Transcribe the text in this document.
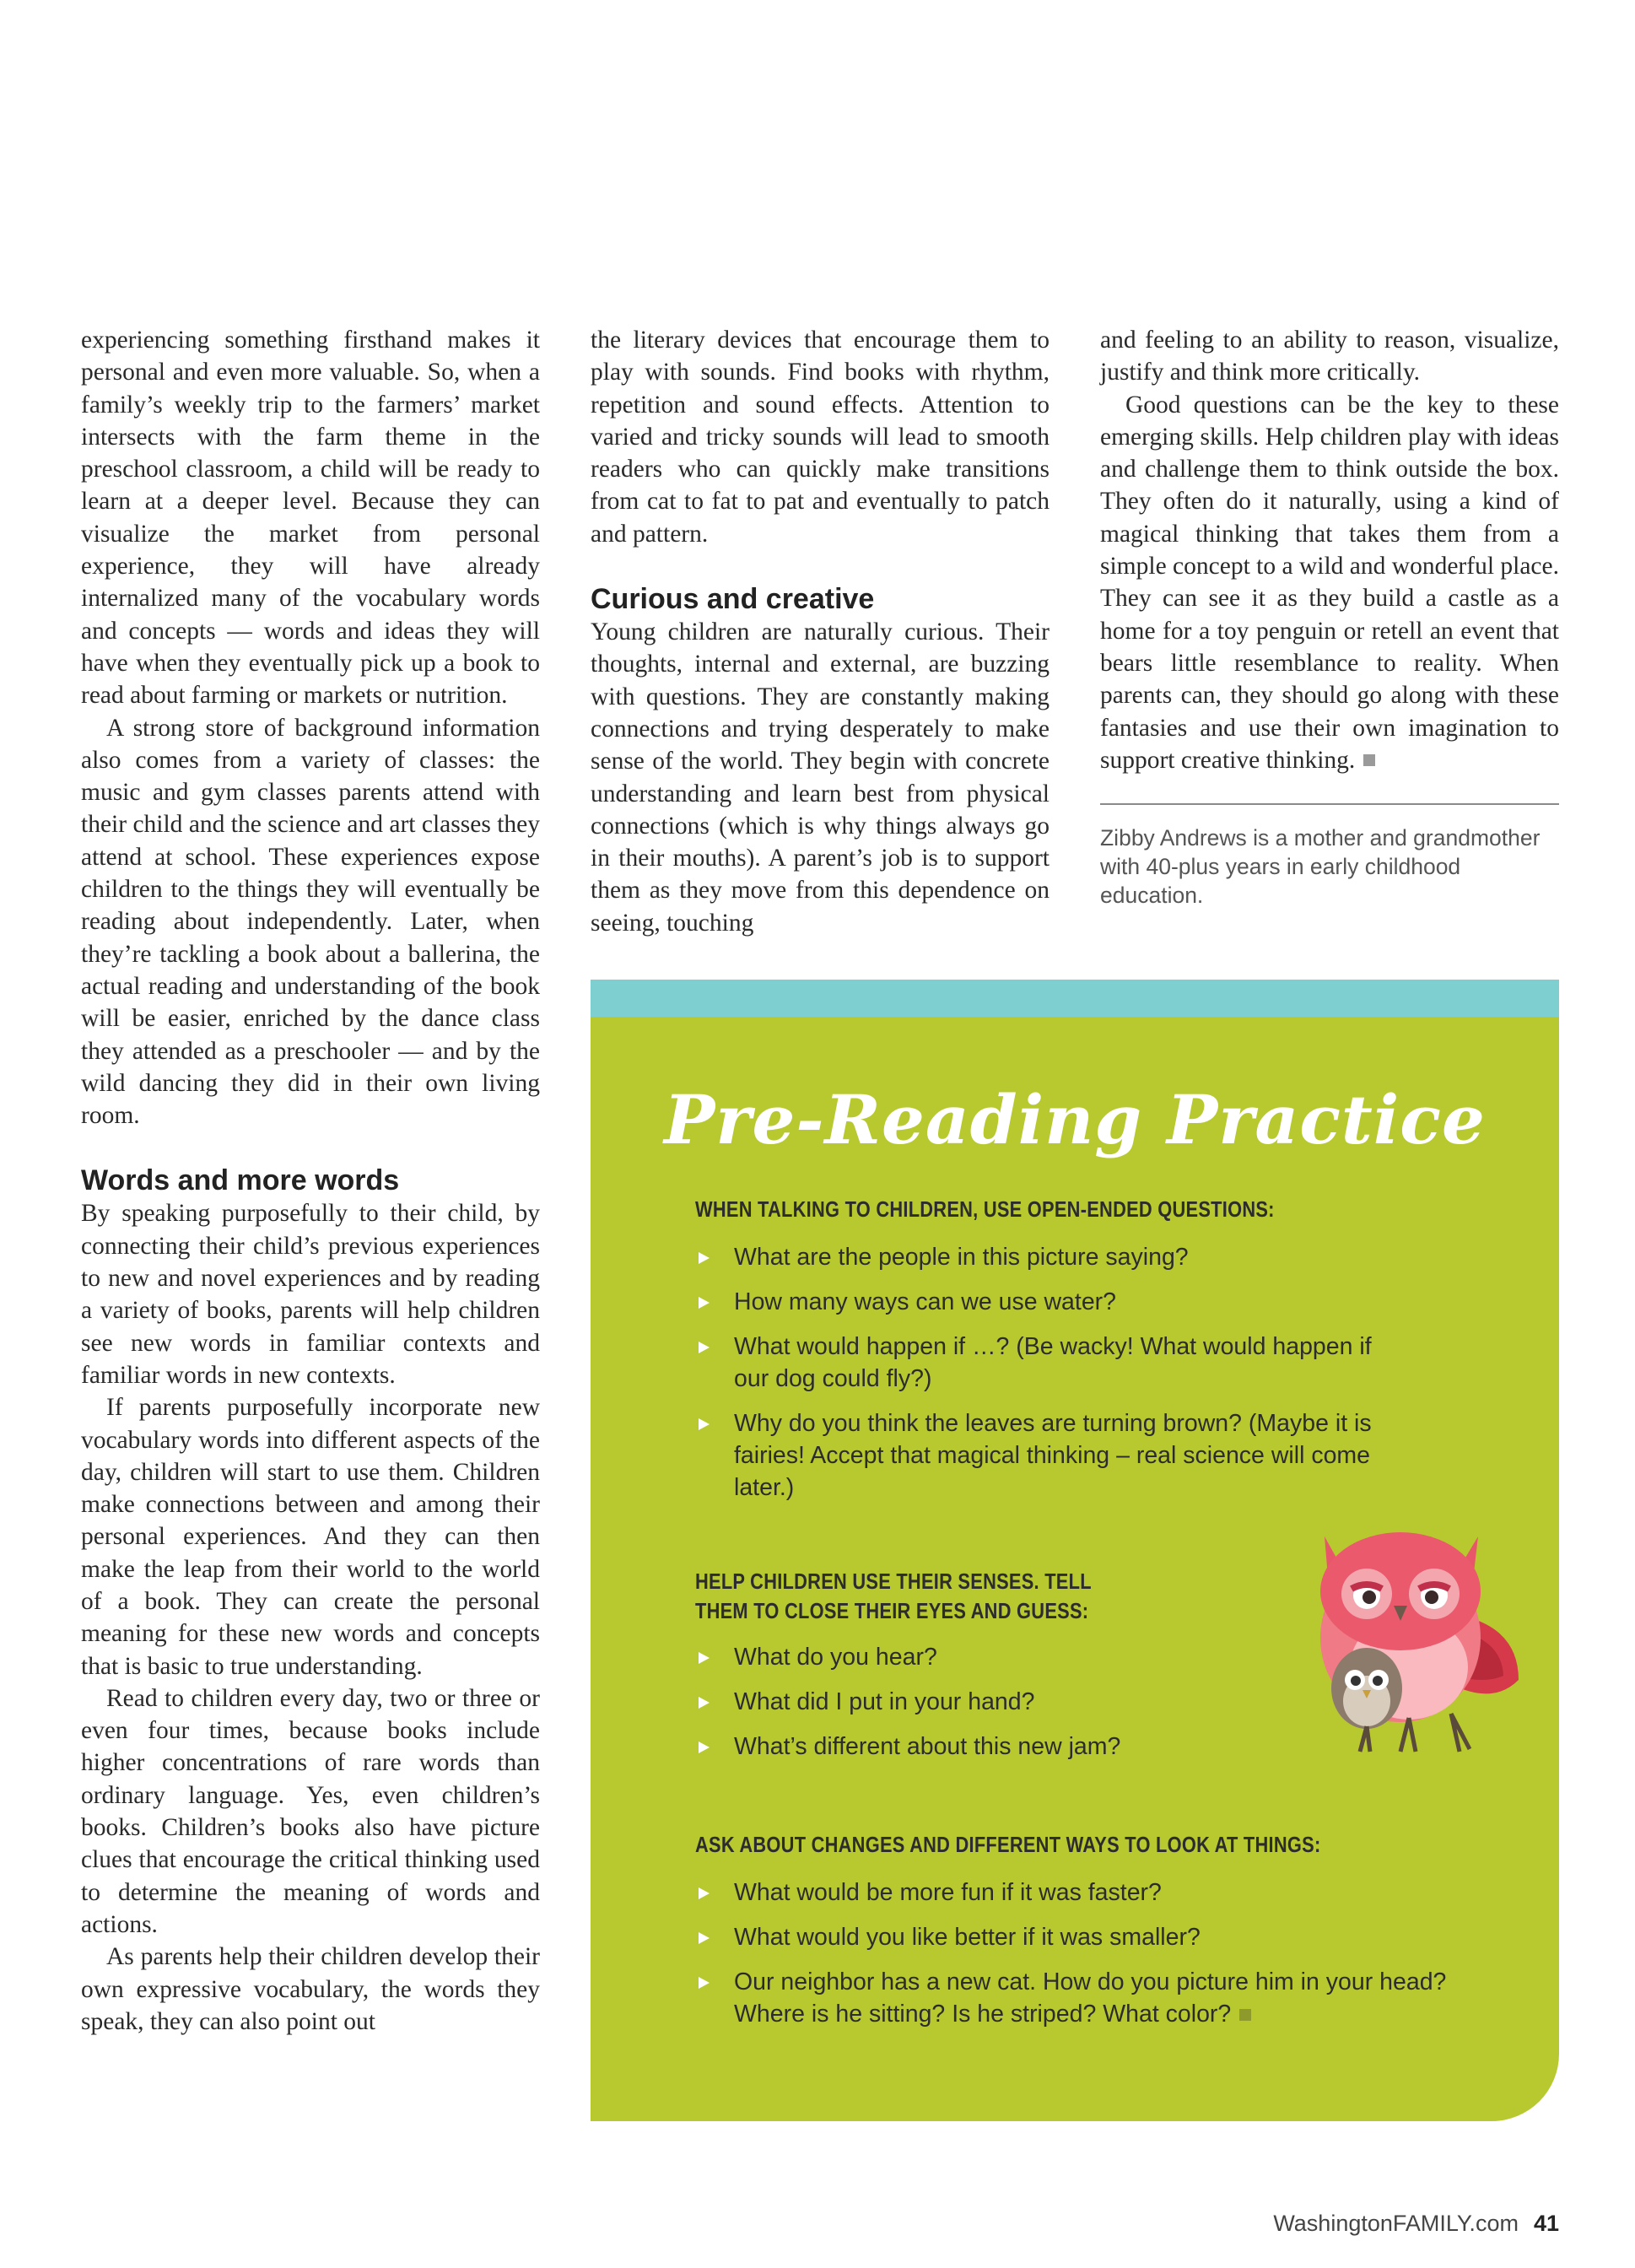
experiencing something firsthand makes it personal and even more valuable. So, when a family’s weekly trip to the farmers’ market intersects with the farm theme in the preschool classroom, a child will be ready to learn at a deeper level. Because they can visualize the market from personal experience, they will have already internalized many of the vocabulary words and concepts — words and ideas they will have when they eventually pick up a book to read about farming or markets or nutrition.

A strong store of background information also comes from a variety of classes: the music and gym classes parents attend with their child and the science and art classes they attend at school. These experiences expose children to the things they will eventually be reading about independently. Later, when they’re tackling a book about a ballerina, the actual reading and understanding of the book will be easier, enriched by the dance class they attended as a preschooler — and by the wild dancing they did in their own living room.

Words and more words

By speaking purposefully to their child, by connecting their child’s previous experiences to new and novel experiences and by reading a variety of books, parents will help children see new words in familiar contexts and familiar words in new contexts.

If parents purposefully incorporate new vocabulary words into different aspects of the day, children will start to use them. Children make connections between and among their personal experiences. And they can then make the leap from their world to the world of a book. They can create the personal meaning for these new words and concepts that is basic to true understanding.

Read to children every day, two or three or even four times, because books include higher concentrations of rare words than ordinary language. Yes, even children’s books. Children’s books also have picture clues that encourage the critical thinking used to determine the meaning of words and actions.

As parents help their children develop their own expressive vocabulary, the words they speak, they can also point out

the literary devices that encourage them to play with sounds. Find books with rhythm, repetition and sound effects. Attention to varied and tricky sounds will lead to smooth readers who can quickly make transitions from cat to fat to pat and eventually to patch and pattern.

Curious and creative

Young children are naturally curious. Their thoughts, internal and external, are buzzing with questions. They are constantly making connections and trying desperately to make sense of the world. They begin with concrete understanding and learn best from physical connections (which is why things always go in their mouths). A parent’s job is to support them as they move from this dependence on seeing, touching

and feeling to an ability to reason, visualize, justify and think more critically.

Good questions can be the key to these emerging skills. Help children play with ideas and challenge them to think outside the box. They often do it naturally, using a kind of magical thinking that takes them from a simple concept to a wild and wonderful place. They can see it as they build a castle as a home for a toy penguin or retell an event that bears little resemblance to reality. When parents can, they should go along with these fantasies and use their own imagination to support creative thinking.

Zibby Andrews is a mother and grandmother with 40-plus years in early childhood education.
Pre-Reading Practice
WHEN TALKING TO CHILDREN, USE OPEN-ENDED QUESTIONS:
What are the people in this picture saying?
How many ways can we use water?
What would happen if …? (Be wacky! What would happen if our dog could fly?)
Why do you think the leaves are turning brown? (Maybe it is fairies! Accept that magical thinking – real science will come later.)
HELP CHILDREN USE THEIR SENSES. TELL
THEM TO CLOSE THEIR EYES AND GUESS:
What do you hear?
What did I put in your hand?
What’s different about this new jam?
ASK ABOUT CHANGES AND DIFFERENT WAYS TO LOOK AT THINGS:
What would be more fun if it was faster?
What would you like better if it was smaller?
Our neighbor has a new cat. How do you picture him in your head? Where is he sitting? Is he striped? What color?
WashingtonFAMILY.com 41
